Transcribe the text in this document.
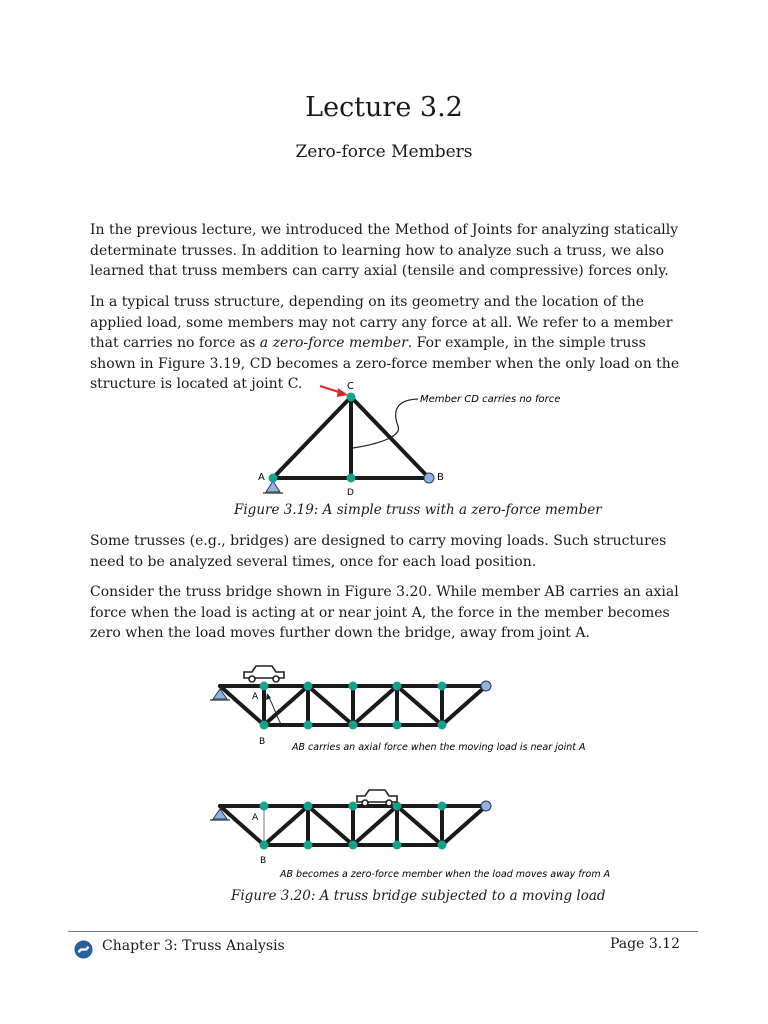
Lecture 3.2
Zero-force Members

In the previous lecture, we introduced the Method of Joints for analyzing statically determinate trusses. In addition to learning how to analyze such a truss, we also learned that truss members can carry axial (tensile and compressive) forces only.

In a typical truss structure, depending on its geometry and the location of the applied load, some members may not carry any force at all. We refer to a member that carries no force as a zero-force member. For example, in the simple truss shown in Figure 3.19, CD becomes a zero-force member when the only load on the structure is located at joint C.	C
A	B
D
Member CD carries no force
Figure 3.19: A simple truss with a zero-force member

Some trusses (e.g., bridges) are designed to carry moving loads. Such structures need to be analyzed several times, once for each load position.

Consider the truss bridge shown in Figure 3.20. While member AB carries an axial force when the load is acting at or near joint A, the force in the member becomes zero when the load moves further down the bridge, away from joint A.

A
B	AB carries an axial force when the moving load is near joint A
A
B
AB becomes a zero-force member when the load moves away from A
Figure 3.20: A truss bridge subjected to a moving load
Chapter 3: Truss Analysis	Page 3.12
